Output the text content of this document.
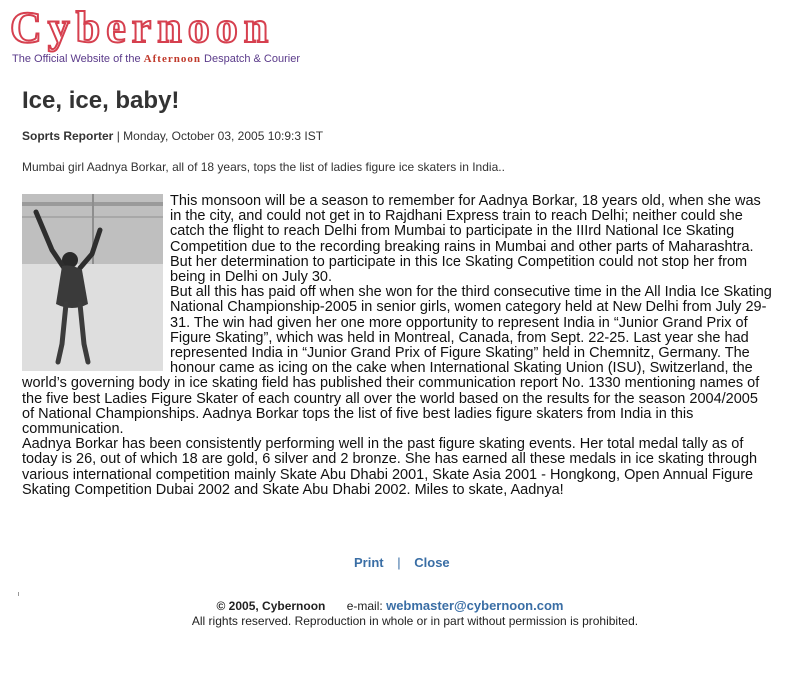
Cybernoon
The Official Website of the Afternoon Despatch & Courier
Ice, ice, baby!
Soprts Reporter | Monday, October 03, 2005 10:9:3 IST
Mumbai girl Aadnya Borkar, all of 18 years, tops the list of ladies figure ice skaters in India..

This monsoon will be a season to remember for Aadnya Borkar, 18 years old, when she was in the city, and could not get in to Rajdhani Express train to reach Delhi; neither could she catch the flight to reach Delhi from Mumbai to participate in the IIIrd National Ice Skating Competition due to the recording breaking rains in Mumbai and other parts of Maharashtra. But her determination to participate in this Ice Skating Competition could not stop her from being in Delhi on July 30.

But all this has paid off when she won for the third consecutive time in the All India Ice Skating National Championship-2005 in senior girls, women category held at New Delhi from July 29-31. The win had given her one more opportunity to represent India in “Junior Grand Prix of Figure Skating”, which was held in Montreal, Canada, from Sept. 22-25. Last year she had represented India in “Junior Grand Prix of Figure Skating” held in Chemnitz, Germany. The honour came as icing on the cake when International Skating Union (ISU), Switzerland, the world’s governing body in ice skating field has published their communication report No. 1330 mentioning names of the five best Ladies Figure Skater of each country all over the world based on the results for the season 2004/2005 of National Championships. Aadnya Borkar tops the list of five best ladies figure skaters from India in this communication.

Aadnya Borkar has been consistently performing well in the past figure skating events. Her total medal tally as of today is 26, out of which 18 are gold, 6 silver and 2 bronze. She has earned all these medals in ice skating through various international competition mainly Skate Abu Dhabi 2001, Skate Asia 2001 - Hongkong, Open Annual Figure Skating Competition Dubai 2002 and Skate Abu Dhabi 2002. Miles to skate, Aadnya!

Print | Close
© 2005, Cybernoon e-mail: webmaster@cybernoon.com
All rights reserved. Reproduction in whole or in part without permission is prohibited.
